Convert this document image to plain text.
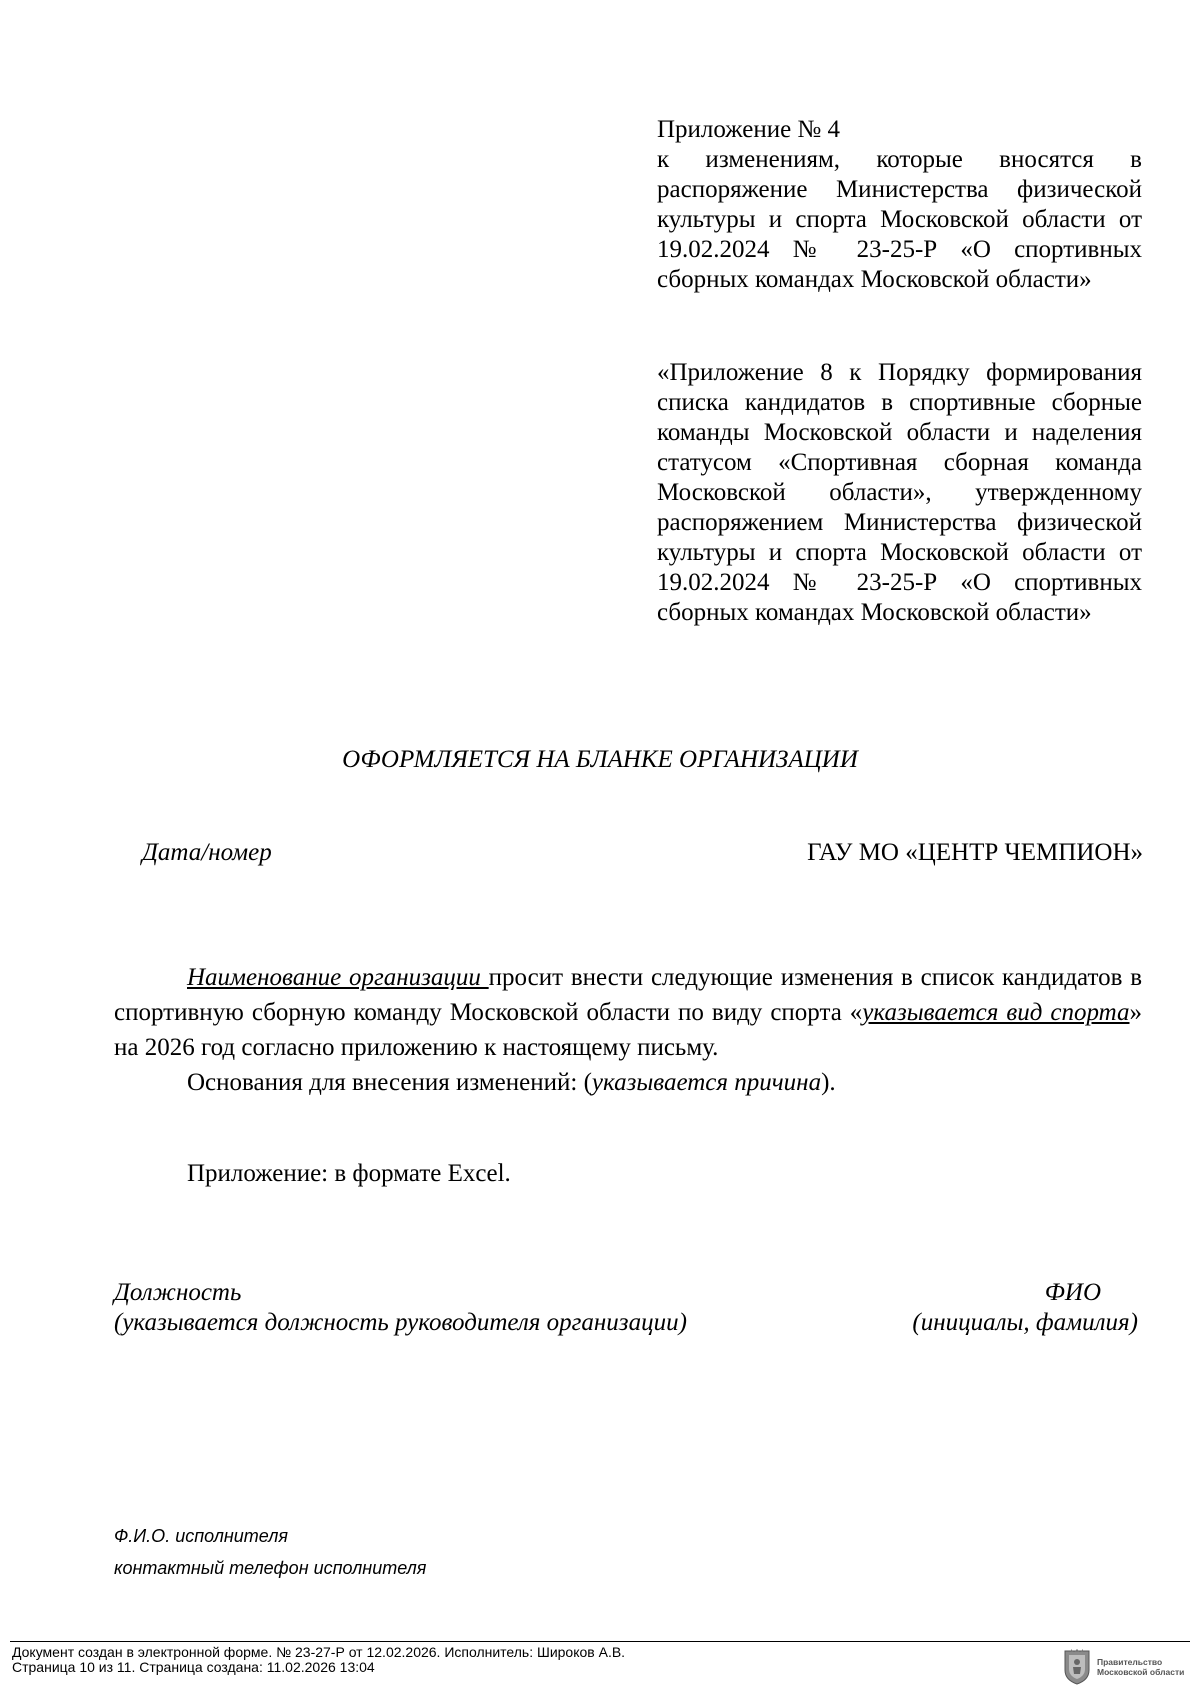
Приложение № 4

к изменениям, которые вносятся в распоряжение Министерства физической культуры и спорта Московской области от 19.02.2024 № 23-25-Р «О спортивных сборных командах Московской области»

«Приложение 8 к Порядку формирования списка кандидатов в спортивные сборные команды Московской области и наделения статусом «Спортивная сборная команда Московской области», утвержденному распоряжением Министерства физической культуры и спорта Московской области от 19.02.2024 № 23-25-Р «О спортивных сборных командах Московской области»

ОФОРМЛЯЕТСЯ НА БЛАНКЕ ОРГАНИЗАЦИИ

Дата/номер	ГАУ МО «ЦЕНТР ЧЕМПИОН»

Наименование организации просит внести следующие изменения в список кандидатов в спортивную сборную команду Московской области по виду спорта «указывается вид спорта» на 2026 год согласно приложению к настоящему письму.

Основания для внесения изменений: (указывается причина).

Приложение: в формате Excel.

Должность

(указывается должность руководителя организации)

ФИО

(инициалы, фамилия)

Ф.И.О. исполнителя

контактный телефон исполнителя

Документ создан в электронной форме. № 23-27-Р от 12.02.2026. Исполнитель: Широков А.В.

Страница 10 из 11. Страница создана: 11.02.2026 13:04	Правительство
Московской области
